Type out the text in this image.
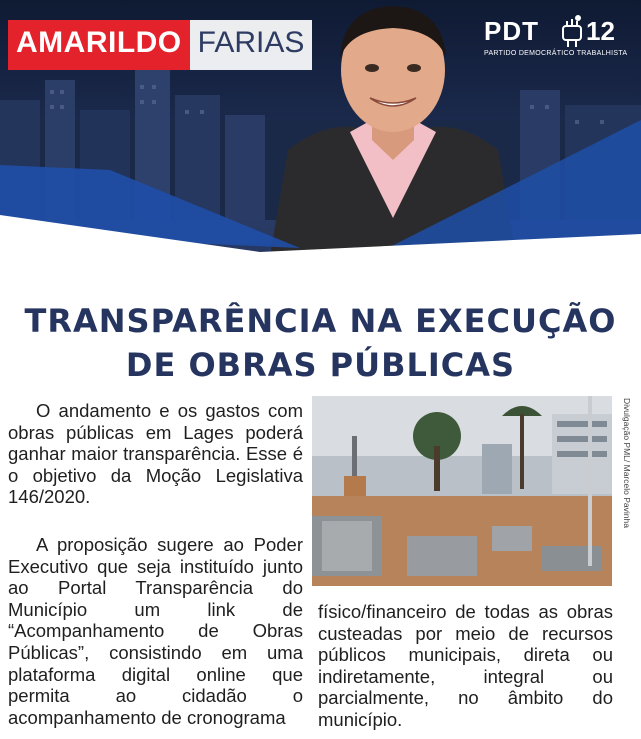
AMARILDO FARIAS	PDT 12
PARTIDO DEMOCRÁTICO TRABALHISTA
TRANSPARÊNCIA NA EXECUÇÃO
DE OBRAS PÚBLICAS

O andamento e os gastos com obras públicas em Lages poderá ganhar maior transparência. Esse é o objetivo da Moção Legislativa 146/2020.

A proposição sugere ao Poder Executivo que seja instituído junto ao Portal Transparência do Município um link de “Acompanhamento de Obras Públicas”, consistindo em uma plataforma digital online que permita ao cidadão o acompanhamento de cronograma

Divulgação PML/ Marcelo Pavinha

físico/financeiro de todas as obras custeadas por meio de recursos públicos municipais, direta ou indiretamente, integral ou parcialmente, no âmbito do município.
